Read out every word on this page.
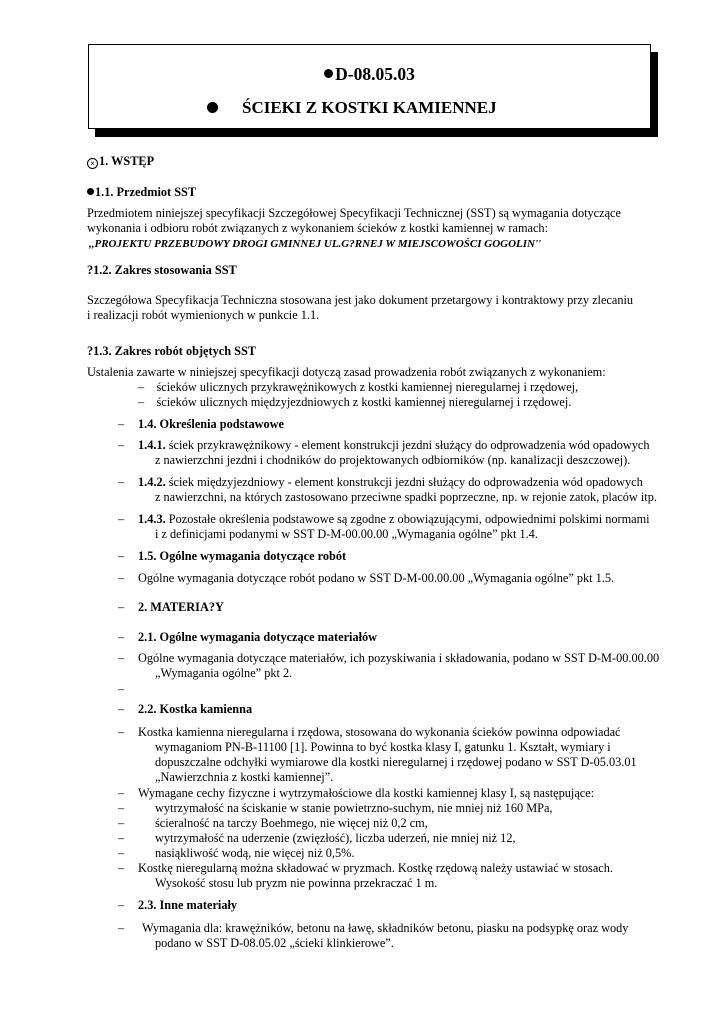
D-08.05.03
ŚCIEKI Z KOSTKI KAMIENNEJ
× 1. WSTĘP
1.1. Przedmiot SST
Przedmiotem niniejszej specyfikacji Szczegółowej Specyfikacji Technicznej (SST) są wymagania dotyczące
wykonania i odbioru robót związanych z wykonaniem ścieków z kostki kamiennej w ramach:
,,PROJEKTU PRZEBUDOWY DROGI GMINNEJ UL.G?RNEJ W MIEJSCOWOŚCI GOGOLIN''
?1.2. Zakres stosowania SST
Szczegółowa Specyfikacja Techniczna stosowana jest jako dokument przetargowy i kontraktowy przy zlecaniu
i realizacji robót wymienionych w punkcie 1.1.
?1.3. Zakres robót objętych SST
Ustalenia zawarte w niniejszej specyfikacji dotyczą zasad prowadzenia robót związanych z wykonaniem:
– ścieków ulicznych przykrawężnikowych z kostki kamiennej nieregularnej i rzędowej,
– ścieków ulicznych międzyjezdniowych z kostki kamiennej nieregularnej i rzędowej.
– 1.4. Określenia podstawowe
– 1.4.1. ściek przykrawężnikowy - element konstrukcji jezdni służący do odprowadzenia wód opadowych
z nawierzchni jezdni i chodników do projektowanych odbiorników (np. kanalizacji deszczowej).
– 1.4.2. ściek międzyjezdniowy - element konstrukcji jezdni służący do odprowadzenia wód opadowych
z nawierzchni, na których zastosowano przeciwne spadki poprzeczne, np. w rejonie zatok, placów itp.
– 1.4.3. Pozostałe określenia podstawowe są zgodne z obowiązującymi, odpowiednimi polskimi normami
i z definicjami podanymi w SST D-M-00.00.00 „Wymagania ogólne” pkt 1.4.
– 1.5. Ogólne wymagania dotyczące robót
– Ogólne wymagania dotyczące robót podano w SST D-M-00.00.00 „Wymagania ogólne” pkt 1.5.
– 2. MATERIA?Y
– 2.1. Ogólne wymagania dotyczące materiałów
– Ogólne wymagania dotyczące materiałów, ich pozyskiwania i składowania, podano w SST D-M-00.00.00
„Wymagania ogólne” pkt 2.
–
– 2.2. Kostka kamienna
– Kostka kamienna nieregularna i rzędowa, stosowana do wykonania ścieków powinna odpowiadać
wymaganiom PN-B-11100 [1]. Powinna to być kostka klasy I, gatunku 1. Kształt, wymiary i
dopuszczalne odchyłki wymiarowe dla kostki nieregularnej i rzędowej podano w SST D-05.03.01
„Nawierzchnia z kostki kamiennej”.
– Wymagane cechy fizyczne i wytrzymałościowe dla kostki kamiennej klasy I, są następujące:
–	wytrzymałość na ściskanie w stanie powietrzno-suchym, nie mniej niż 160 MPa,
–	ścieralność na tarczy Boehmego, nie więcej niż 0,2 cm,
–	wytrzymałość na uderzenie (zwięzłość), liczba uderzeń, nie mniej niż 12,
–	nasiąkliwość wodą, nie więcej niż 0,5%.
– Kostkę nieregularną można składować w pryzmach. Kostkę rzędową należy ustawiać w stosach.
Wysokość stosu lub pryzm nie powinna przekraczać 1 m.
– 2.3. Inne materiały
– Wymagania dla: krawężników, betonu na ławę, składników betonu, piasku na podsypkę oraz wody
podano w SST D-08.05.02 „ścieki klinkierowe”.
